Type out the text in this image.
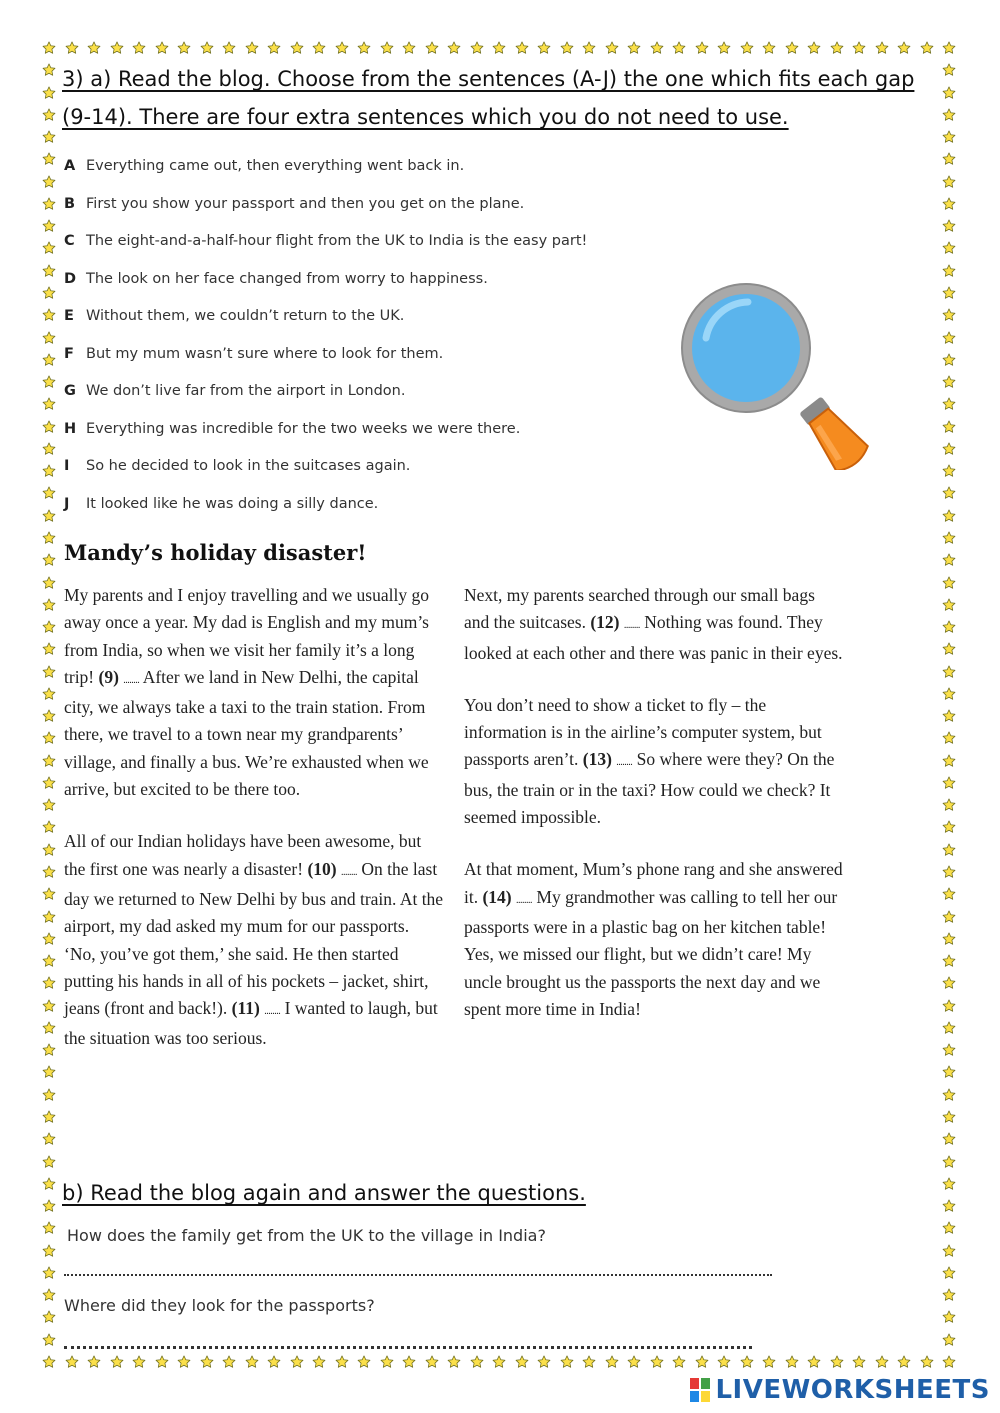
3) a) Read the blog. Choose from the sentences (A-J) the one which fits each gap (9-14). There are four extra sentences which you do not need to use.
A Everything came out, then everything went back in.
B First you show your passport and then you get on the plane.
C The eight-and-a-half-hour flight from the UK to India is the easy part!
D The look on her face changed from worry to happiness.
E Without them, we couldn’t return to the UK.
F But my mum wasn’t sure where to look for them.
G We don’t live far from the airport in London.
H Everything was incredible for the two weeks we were there.
I So he decided to look in the suitcases again.
J It looked like he was doing a silly dance.
Mandy’s holiday disaster!

My parents and I enjoy travelling and we usually go away once a year. My dad is English and my mum’s from India, so when we visit her family it’s a long trip! (9) ........ After we land in New Delhi, the capital city, we always take a taxi to the train station. From there, we travel to a town near my grandparents’ village, and finally a bus. We’re exhausted when we arrive, but excited to be there too.

All of our Indian holidays have been awesome, but the first one was nearly a disaster! (10) ........ On the last day we returned to New Delhi by bus and train. At the airport, my dad asked my mum for our passports. ‘No, you’ve got them,’ she said. He then started putting his hands in all of his pockets – jacket, shirt, jeans (front and back!). (11) ........ I wanted to laugh, but the situation was too serious.

Next, my parents searched through our small bags and the suitcases. (12) ........ Nothing was found. They looked at each other and there was panic in their eyes.

You don’t need to show a ticket to fly – the information is in the airline’s computer system, but passports aren’t. (13) ........ So where were they? On the bus, the train or in the taxi? How could we check? It seemed impossible.

At that moment, Mum’s phone rang and she answered it. (14) ........ My grandmother was calling to tell her our passports were in a plastic bag on her kitchen table! Yes, we missed our flight, but we didn’t care! My uncle brought us the passports the next day and we spent more time in India!

b) Read the blog again and answer the questions.
How does the family get from the UK to the village in India?
Where did they look for the passports?
LIVEWORKSHEETS
